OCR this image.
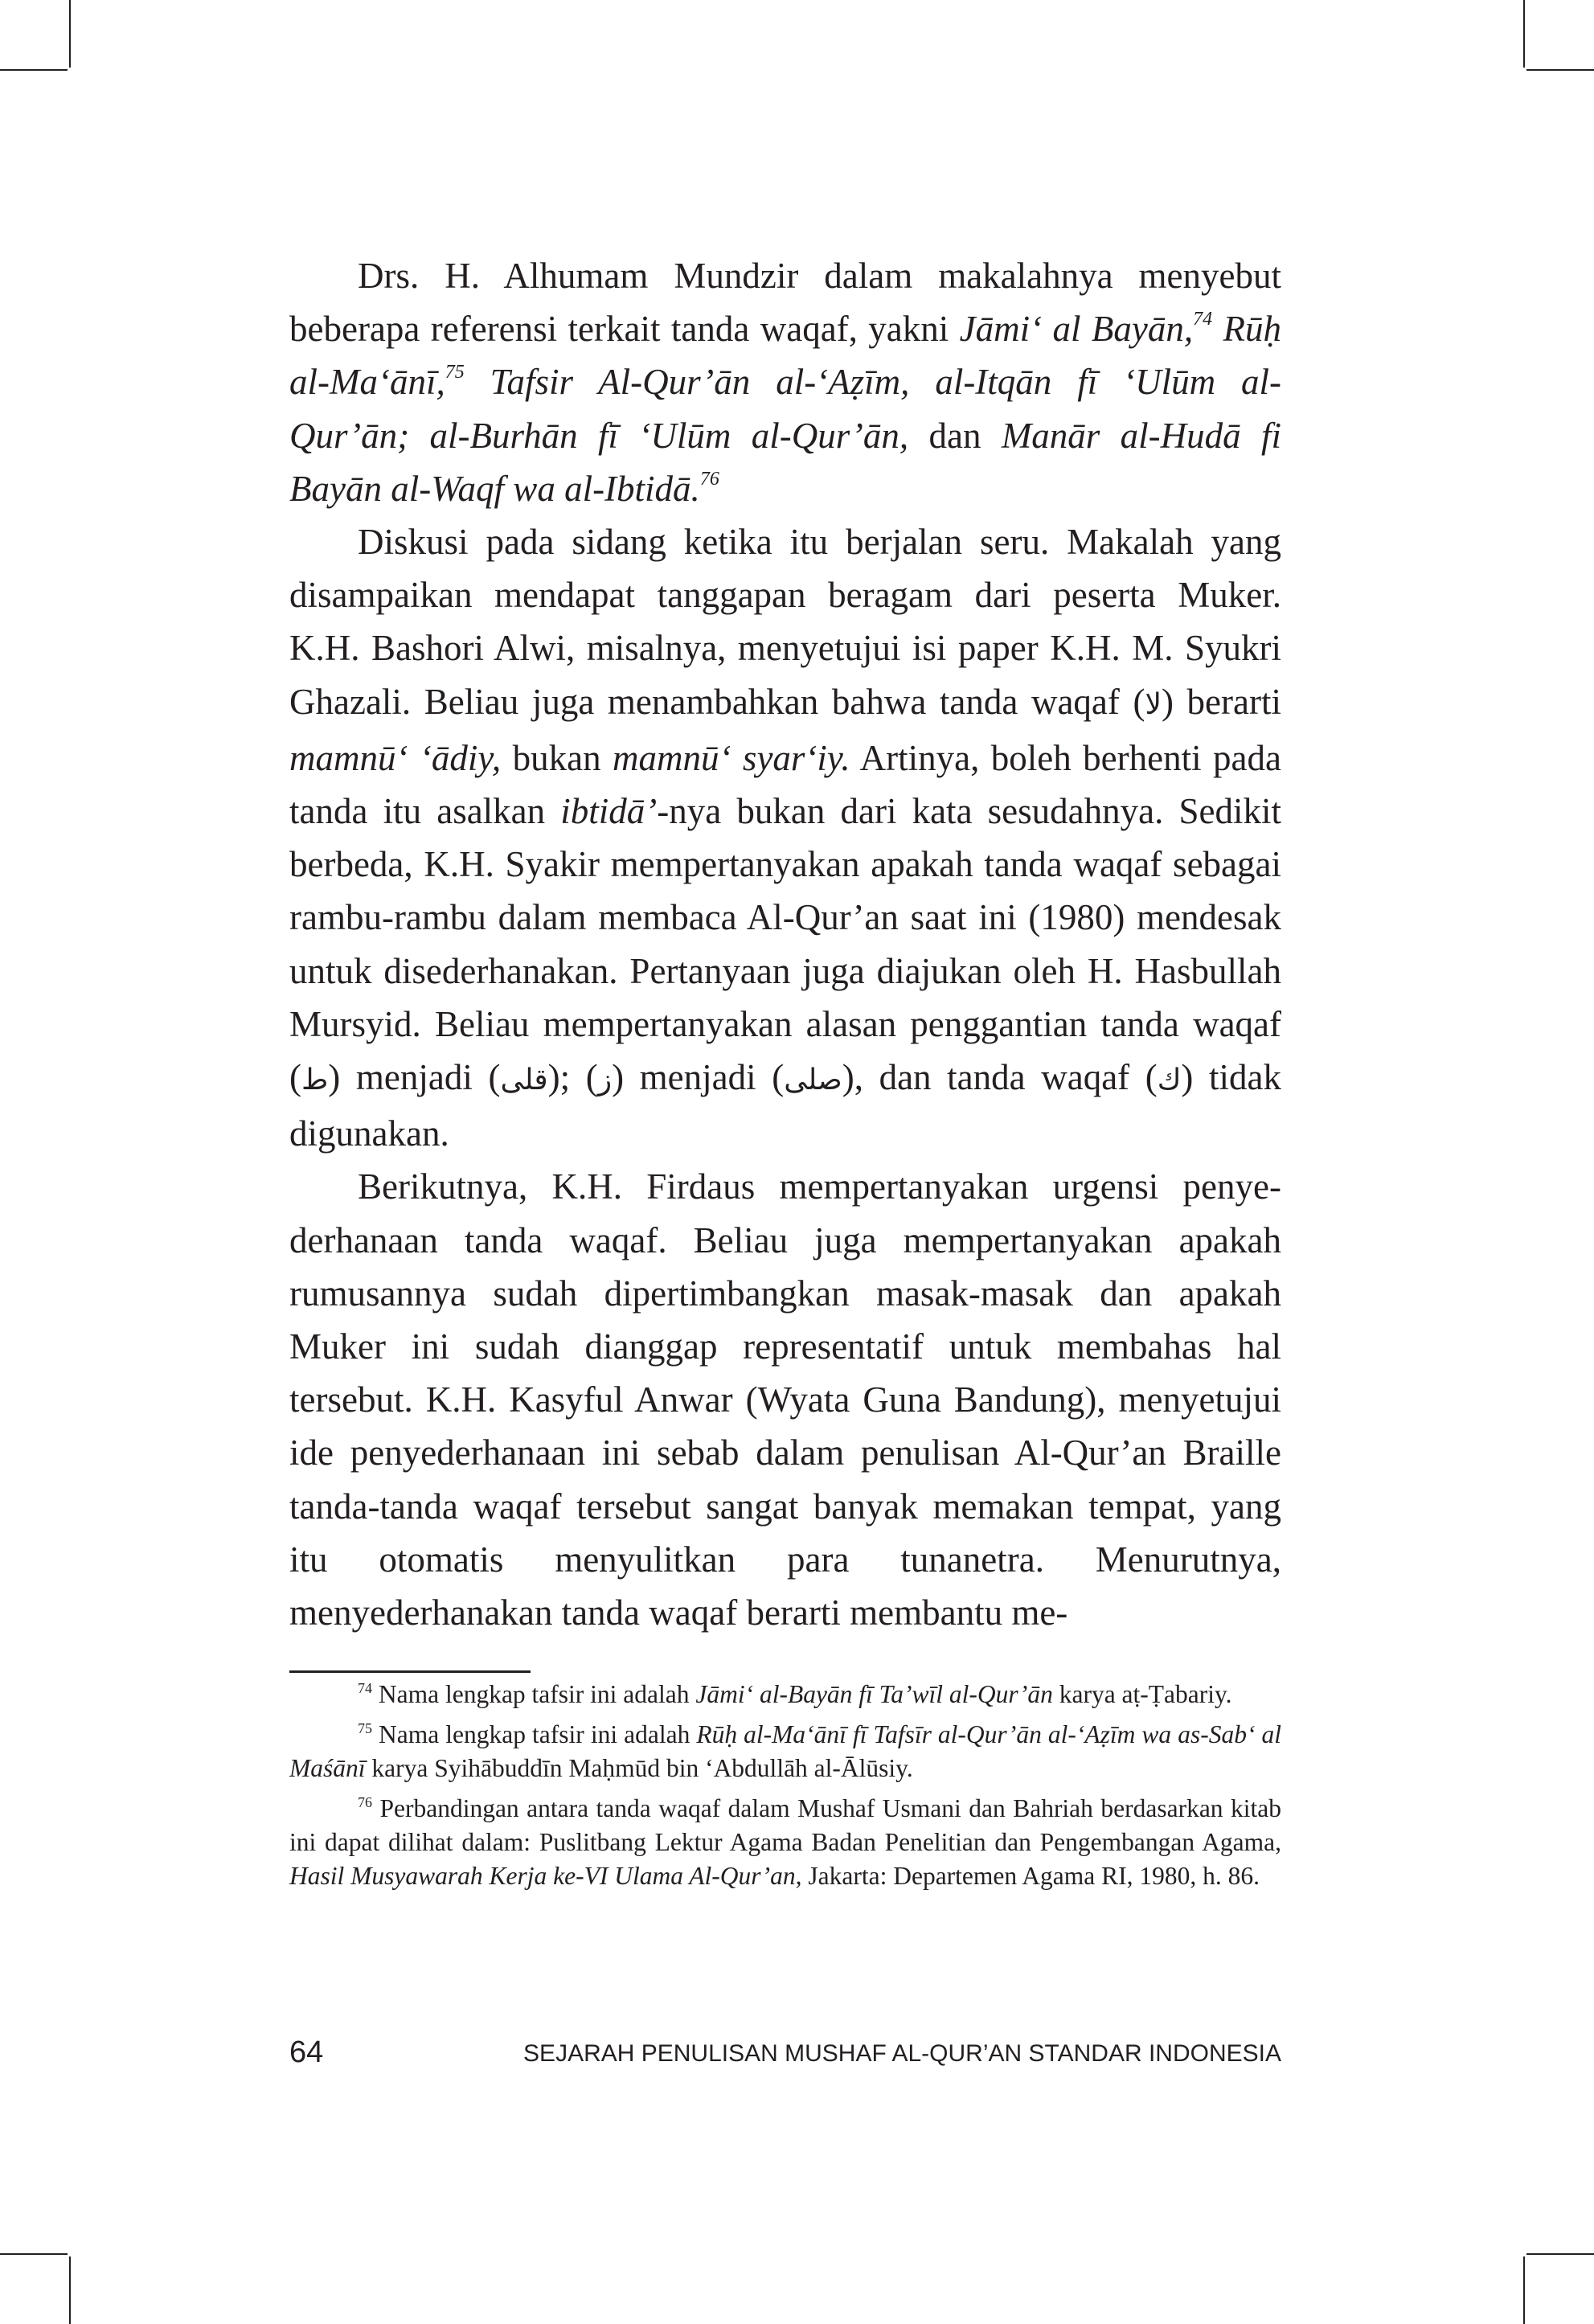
Drs. H. Alhumam Mundzir dalam makalahnya menyebut beberapa referensi terkait tanda waqaf, yakni Jāmi‘ al Bayān,$^{74}$ Rūḥ al-Ma‘ānī,$^{75}$ Tafsir Al-Qur’ān al-‘Aẓīm, al-Itqān fī ‘Ulūm al-Qur’ān; al-Burhān fī ‘Ulūm al-Qur’ān, dan Manār al-Hudā fi Bayān al-Waqf wa al-Ibtidā.$^{76}$

Diskusi pada sidang ketika itu berjalan seru. Makalah yang disampaikan mendapat tanggapan beragam dari peserta Muker. K.H. Bashori Alwi, misalnya, menyetujui isi paper K.H. M. Syukri Ghazali. Beliau juga menambahkan bahwa tanda waqaf (لا) berarti mamnū‘ ‘ādiy, bukan mamnū‘ syar‘iy. Artinya, boleh berhenti pada tanda itu asalkan ibtidā’-nya bukan dari kata sesudahnya. Sedikit berbeda, K.H. Syakir mempertanyakan apakah tanda waqaf sebagai rambu-rambu dalam membaca Al-Qur’an saat ini (1980) mendesak untuk disederhanakan. Pertanyaan juga diajukan oleh H. Hasbullah Mursyid. Beliau mempertanyakan alasan penggantian tanda waqaf (ط) menjadi (قلى); (ز) menjadi (صلى), dan tanda waqaf (ك) tidak digunakan.

Berikutnya, K.H. Firdaus mempertanyakan urgensi penyederhanaan tanda waqaf. Beliau juga mempertanyakan apakah rumusannya sudah dipertimbangkan masak-masak dan apakah Muker ini sudah dianggap representatif untuk membahas hal tersebut. K.H. Kasyful Anwar (Wyata Guna Bandung), menyetujui ide penyederhanaan ini sebab dalam penulisan Al-Qur’an Braille tanda-tanda waqaf tersebut sangat banyak memakan tempat, yang itu otomatis menyulitkan para tunanetra. Menurutnya, menyederhanakan tanda waqaf berarti membantu me-

$^{74}$ Nama lengkap tafsir ini adalah Jāmi‘ al-Bayān fī Ta’wīl al-Qur’ān karya aṭ-Ṭabariy.

$^{75}$ Nama lengkap tafsir ini adalah Rūḥ al-Ma‘ānī fī Tafsīr al-Qur’ān al-‘Aẓīm wa as-Sab‘ al Maśānī karya Syihābuddīn Maḥmūd bin ‘Abdullāh al-Ālūsiy.

$^{76}$ Perbandingan antara tanda waqaf dalam Mushaf Usmani dan Bahriah berdasarkan kitab ini dapat dilihat dalam: Puslitbang Lektur Agama Badan Penelitian dan Pengembangan Agama, Hasil Musyawarah Kerja ke-VI Ulama Al-Qur’an, Jakarta: Departemen Agama RI, 1980, h. 86.

64	SEJARAH PENULISAN MUSHAF AL-QUR’AN STANDAR INDONESIA
